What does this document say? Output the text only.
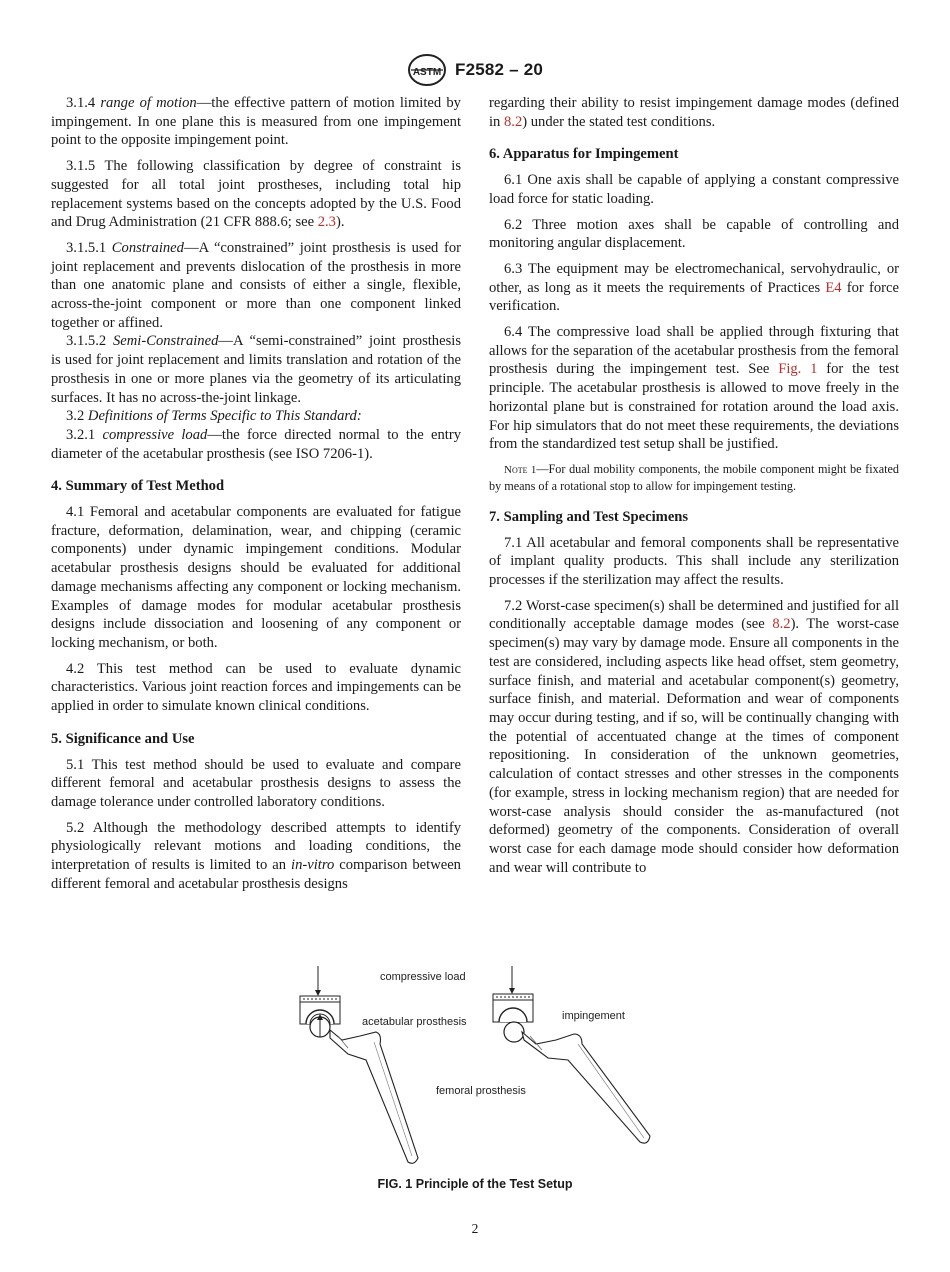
ASTM F2582 – 20

3.1.4 range of motion—the effective pattern of motion limited by impingement. In one plane this is measured from one impingement point to the opposite impingement point.

3.1.5 The following classification by degree of constraint is suggested for all total joint prostheses, including total hip replacement systems based on the concepts adopted by the U.S. Food and Drug Administration (21 CFR 888.6; see 2.3).

3.1.5.1 Constrained—A “constrained” joint prosthesis is used for joint replacement and prevents dislocation of the prosthesis in more than one anatomic plane and consists of either a single, flexible, across-the-joint component or more than one component linked together or affined.

3.1.5.2 Semi-Constrained—A “semi-constrained” joint prosthesis is used for joint replacement and limits translation and rotation of the prosthesis in one or more planes via the geometry of its articulating surfaces. It has no across-the-joint linkage.

3.2 Definitions of Terms Specific to This Standard:

3.2.1 compressive load—the force directed normal to the entry diameter of the acetabular prosthesis (see ISO 7206-1).

4. Summary of Test Method

4.1 Femoral and acetabular components are evaluated for fatigue fracture, deformation, delamination, wear, and chipping (ceramic components) under dynamic impingement conditions. Modular acetabular prosthesis designs should be evaluated for additional damage mechanisms affecting any component or locking mechanism. Examples of damage modes for modular acetabular prosthesis designs include dissociation and loosening of any component or locking mechanism, or both.

4.2 This test method can be used to evaluate dynamic characteristics. Various joint reaction forces and impingements can be applied in order to simulate known clinical conditions.

5. Significance and Use

5.1 This test method should be used to evaluate and compare different femoral and acetabular prosthesis designs to assess the damage tolerance under controlled laboratory conditions.

5.2 Although the methodology described attempts to identify physiologically relevant motions and loading conditions, the interpretation of results is limited to an in-vitro comparison between different femoral and acetabular prosthesis designs

regarding their ability to resist impingement damage modes (defined in 8.2) under the stated test conditions.

6. Apparatus for Impingement

6.1 One axis shall be capable of applying a constant compressive load force for static loading.

6.2 Three motion axes shall be capable of controlling and monitoring angular displacement.

6.3 The equipment may be electromechanical, servohydraulic, or other, as long as it meets the requirements of Practices E4 for force verification.

6.4 The compressive load shall be applied through fixturing that allows for the separation of the acetabular prosthesis from the femoral prosthesis during the impingement test. See Fig. 1 for the test principle. The acetabular prosthesis is allowed to move freely in the horizontal plane but is constrained for rotation around the load axis. For hip simulators that do not meet these requirements, the deviations from the standardized test setup shall be justified.

Note 1—For dual mobility components, the mobile component might be fixated by means of a rotational stop to allow for impingement testing.

7. Sampling and Test Specimens

7.1 All acetabular and femoral components shall be representative of implant quality products. This shall include any sterilization processes if the sterilization may affect the results.

7.2 Worst-case specimen(s) shall be determined and justified for all conditionally acceptable damage modes (see 8.2). The worst-case specimen(s) may vary by damage mode. Ensure all components in the test are considered, including aspects like head offset, stem geometry, surface finish, and material and acetabular component(s) geometry, surface finish, and material. Deformation and wear of components may occur during testing, and if so, will be continually changing with the potential of accentuated change at the times of component repositioning. In consideration of the unknown geometries, calculation of contact stresses and other stresses in the components (for example, stress in locking mechanism region) that are needed for worst-case analysis should consider the as-manufactured (not deformed) geometry of the components. Consideration of overall worst case for each damage mode should consider how deformation and wear will contribute to

compressive load
acetabular prosthesis	impingement
femoral prosthesis
FIG. 1 Principle of the Test Setup
2
